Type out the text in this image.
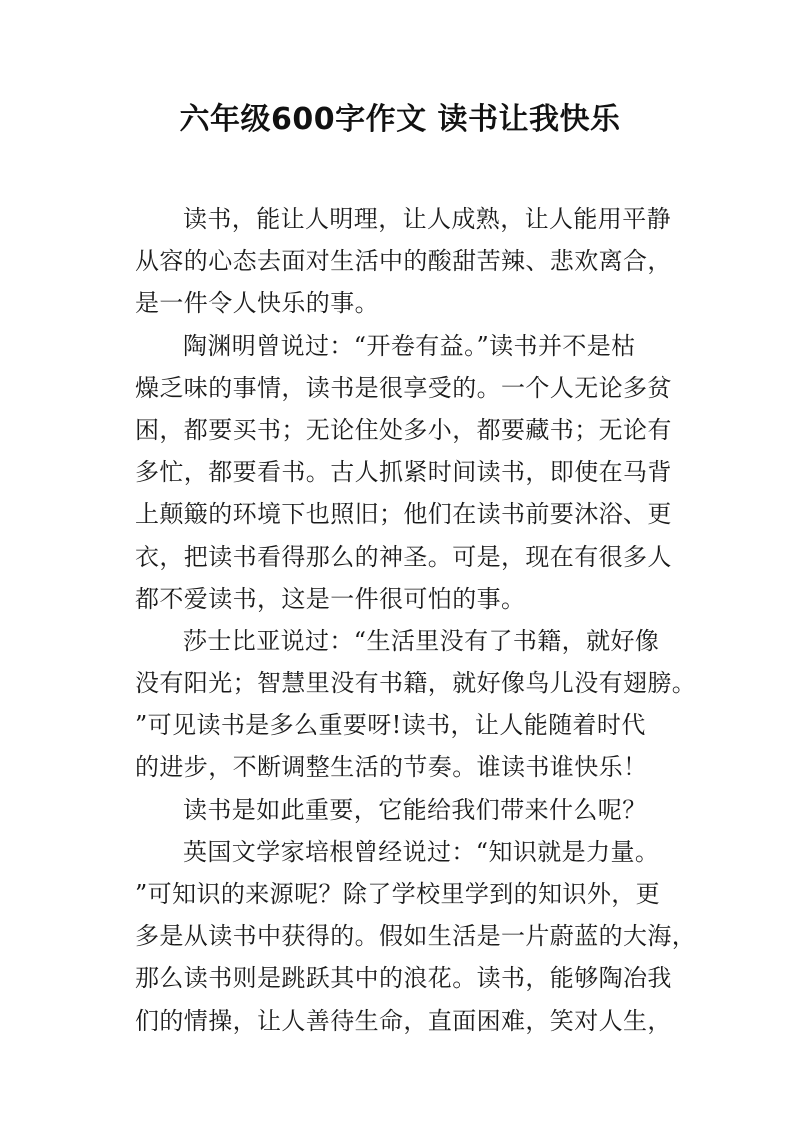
六年级600字作文 读书让我快乐
读书，能让人明理，让人成熟，让人能用平静
从容的心态去面对生活中的酸甜苦辣、悲欢离合，
是一件令人快乐的事。
陶渊明曾说过：“开卷有益。”读书并不是枯
燥乏味的事情，读书是很享受的。一个人无论多贫
困，都要买书；无论住处多小，都要藏书；无论有
多忙，都要看书。古人抓紧时间读书，即使在马背
上颠簸的环境下也照旧；他们在读书前要沐浴、更
衣，把读书看得那么的神圣。可是，现在有很多人
都不爱读书，这是一件很可怕的事。
莎士比亚说过：“生活里没有了书籍，就好像
没有阳光；智慧里没有书籍，就好像鸟儿没有翅膀。
”可见读书是多么重要呀!读书，让人能随着时代
的进步，不断调整生活的节奏。谁读书谁快乐！
读书是如此重要，它能给我们带来什么呢？
英国文学家培根曾经说过：“知识就是力量。
”可知识的来源呢？除了学校里学到的知识外，更
多是从读书中获得的。假如生活是一片蔚蓝的大海，
那么读书则是跳跃其中的浪花。读书，能够陶冶我
们的情操，让人善待生命，直面困难，笑对人生，
